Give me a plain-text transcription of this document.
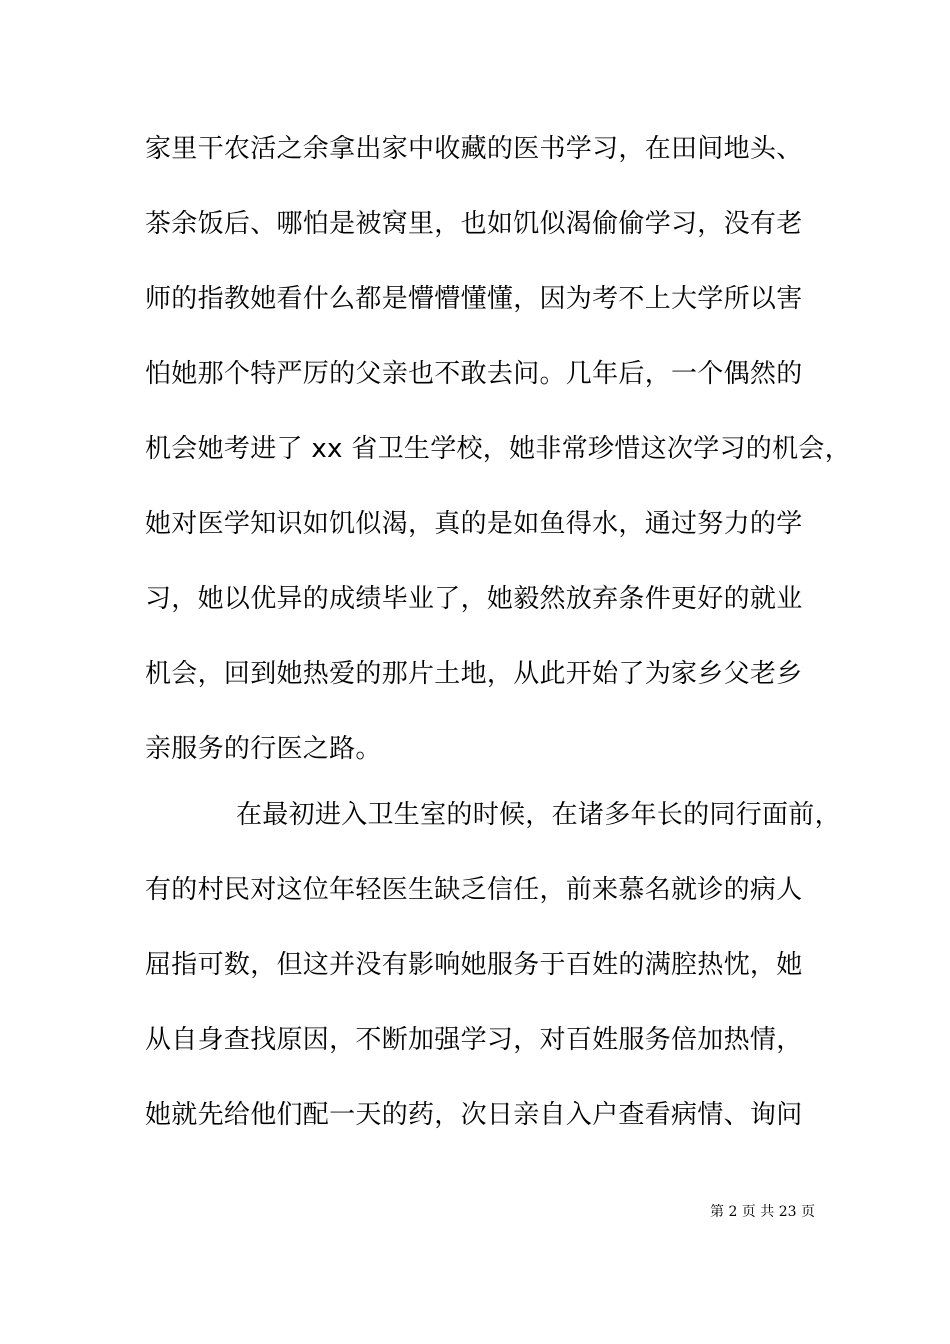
家里干农活之余拿出家中收藏的医书学习，在田间地头、
茶余饭后、哪怕是被窝里，也如饥似渴偷偷学习，没有老
师的指教她看什么都是懵懵懂懂，因为考不上大学所以害
怕她那个特严厉的父亲也不敢去问。几年后，一个偶然的
机会她考进了 xx 省卫生学校，她非常珍惜这次学习的机会，
她对医学知识如饥似渴，真的是如鱼得水，通过努力的学
习，她以优异的成绩毕业了，她毅然放弃条件更好的就业
机会，回到她热爱的那片土地，从此开始了为家乡父老乡
亲服务的行医之路。
在最初进入卫生室的时候，在诸多年长的同行面前，
有的村民对这位年轻医生缺乏信任，前来慕名就诊的病人
屈指可数，但这并没有影响她服务于百姓的满腔热忱，她
从自身查找原因，不断加强学习，对百姓服务倍加热情，
她就先给他们配一天的药，次日亲自入户查看病情、询问
第 2 页 共 23 页
